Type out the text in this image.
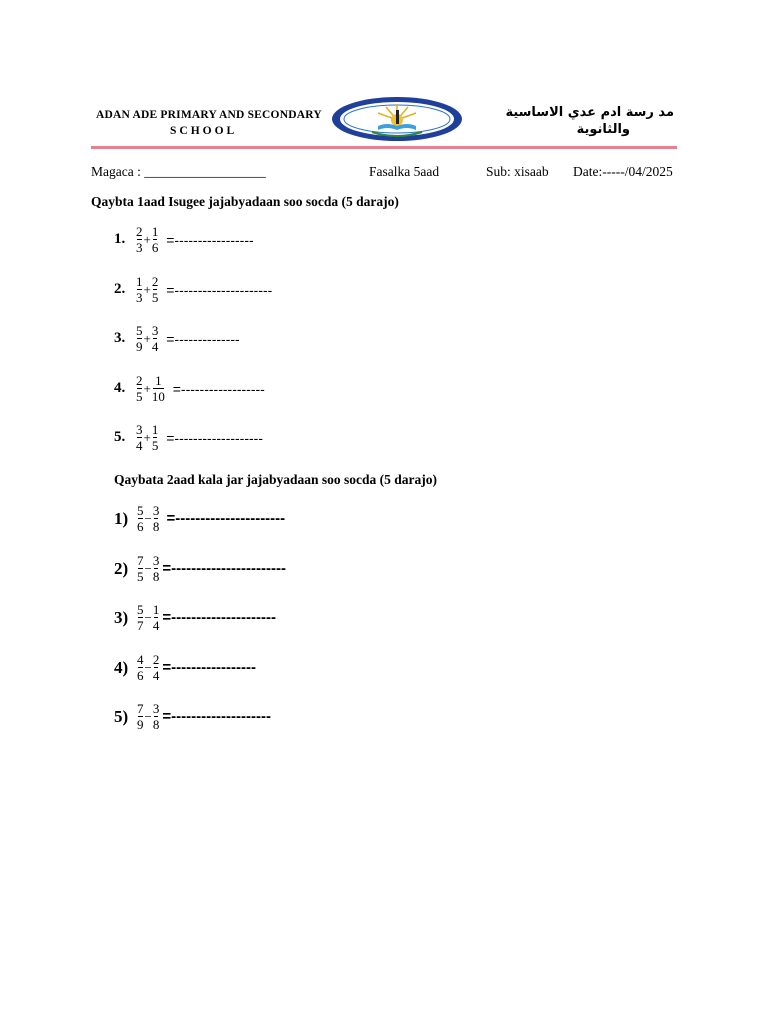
ADAN ADE PRIMARY AND SECONDARY
SCHOOL
مد رسة ادم عدي الاساسية
والثانوية
Magaca : __________________	Fasalka 5aad	Sub: xisaab Date:-----/04/2025
Qaybta 1aad Isugee jajabyadaan soo socda (5 darajo)
1. $\frac{2}{3} + \frac{1}{6}$ =-----------------
2. $\frac{1}{3} + \frac{2}{5}$ =---------------------
3. $\frac{5}{9} + \frac{3}{4}$ =--------------
4. $\frac{2}{5} + \frac{1}{10}$ =------------------
5. $\frac{3}{4} + \frac{1}{5}$ =-------------------
Qaybata 2aad kala jar jajabyadaan soo socda (5 darajo)
$1) \frac{5}{6} - \frac{3}{8}$ =----------------------
$2) \frac{7}{5} - \frac{3}{8}$ =-----------------------
$3) \frac{5}{7} - \frac{1}{4}$ =---------------------
$4) \frac{4}{6} - \frac{2}{4}$ =-----------------
$5) \frac{7}{9} - \frac{3}{8}$ =--------------------
